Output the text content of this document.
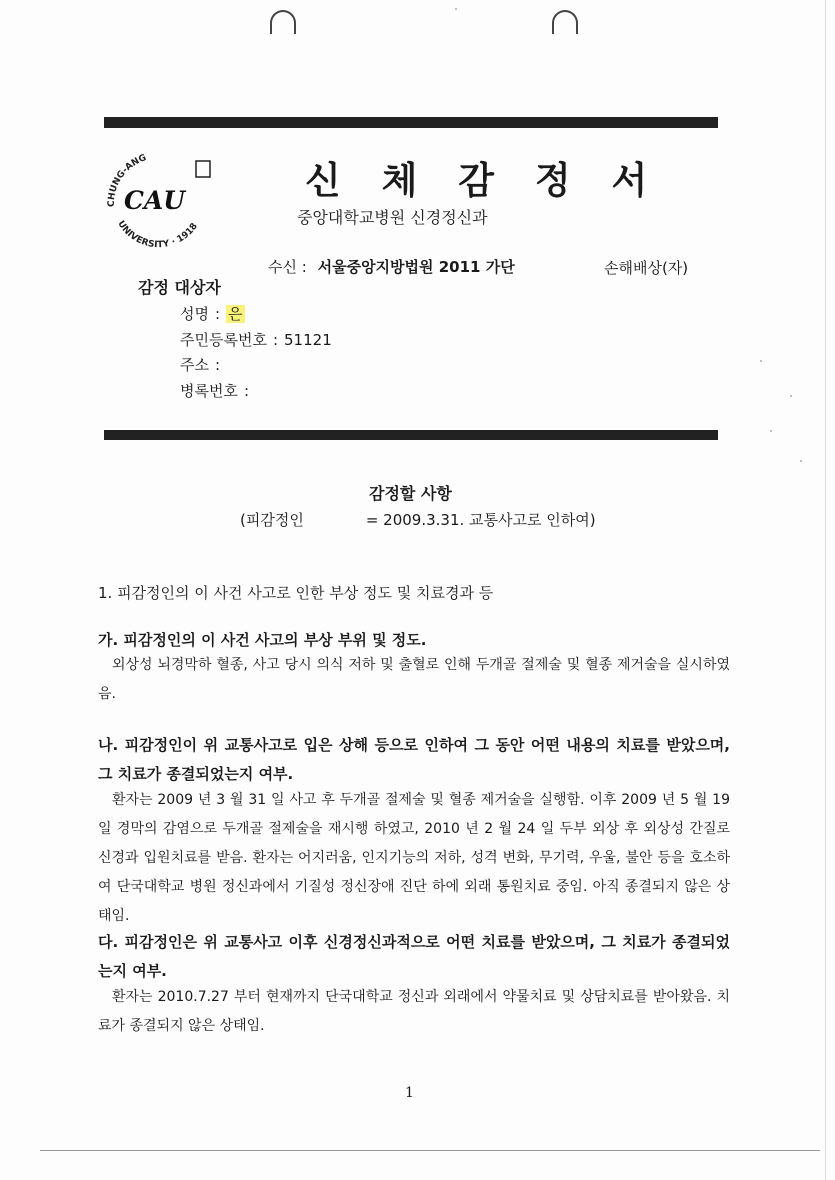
CHUNG-ANG
UNIVERSITY · 1918
CAU	신 체 감 정 서
중앙대학교병원 신경정신과
수신 : 서울중앙지방법원 2011 가단	손해배상(자)
감정 대상자
성명 : 은
주민등록번호 : 51121
주소 :
병록번호 :
감정할 사항
(피감정인	= 2009.3.31. 교통사고로 인하여)
1. 피감정인의 이 사건 사고로 인한 부상 정도 및 치료경과 등
가. 피감정인의 이 사건 사고의 부상 부위 및 정도.

외상성 뇌경막하 혈종, 사고 당시 의식 저하 및 출혈로 인해 두개골 절제술 및 혈종 제거술을 실시하였음.

나. 피감정인이 위 교통사고로 입은 상해 등으로 인하여 그 동안 어떤 내용의 치료를 받았으며, 그 치료가 종결되었는지 여부.

환자는 2009 년 3 월 31 일 사고 후 두개골 절제술 및 혈종 제거술을 실행함. 이후 2009 년 5 월 19 일 경막의 감염으로 두개골 절제술을 재시행 하였고, 2010 년 2 월 24 일 두부 외상 후 외상성 간질로 신경과 입원치료를 받음. 환자는 어지러움, 인지기능의 저하, 성격 변화, 무기력, 우울, 불안 등을 호소하여 단국대학교 병원 정신과에서 기질성 정신장애 진단 하에 외래 통원치료 중임. 아직 종결되지 않은 상태임.

다. 피감정인은 위 교통사고 이후 신경정신과적으로 어떤 치료를 받았으며, 그 치료가 종결되었는지 여부.

환자는 2010.7.27 부터 현재까지 단국대학교 정신과 외래에서 약물치료 및 상담치료를 받아왔음. 치료가 종결되지 않은 상태임.

1
